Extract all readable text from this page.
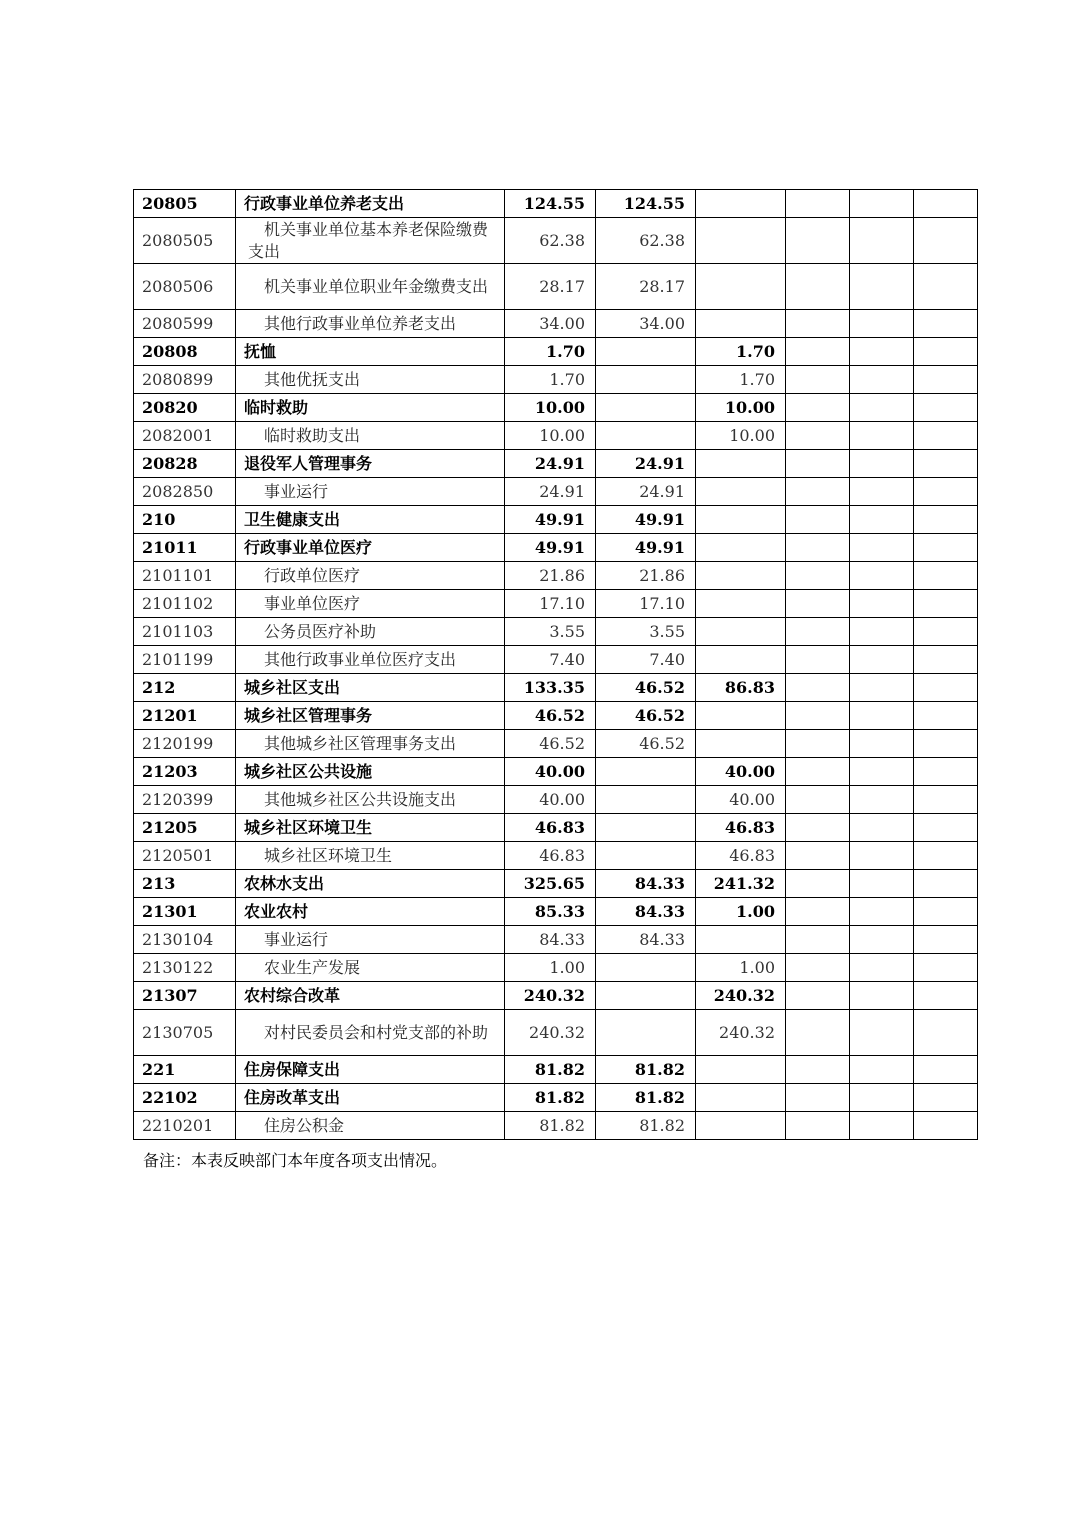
20805	行政事业单位养老支出	124.55	124.55				
2080505	机关事业单位基本养老保险缴费支出	62.38	62.38				
2080506	机关事业单位职业年金缴费支出	28.17	28.17				
2080599	其他行政事业单位养老支出	34.00	34.00				
20808	抚恤	1.70		1.70			
2080899	其他优抚支出	1.70		1.70			
20820	临时救助	10.00		10.00			
2082001	临时救助支出	10.00		10.00			
20828	退役军人管理事务	24.91	24.91				
2082850	事业运行	24.91	24.91				
210	卫生健康支出	49.91	49.91				
21011	行政事业单位医疗	49.91	49.91				
2101101	行政单位医疗	21.86	21.86				
2101102	事业单位医疗	17.10	17.10				
2101103	公务员医疗补助	3.55	3.55				
2101199	其他行政事业单位医疗支出	7.40	7.40				
212	城乡社区支出	133.35	46.52	86.83			
21201	城乡社区管理事务	46.52	46.52				
2120199	其他城乡社区管理事务支出	46.52	46.52				
21203	城乡社区公共设施	40.00		40.00			
2120399	其他城乡社区公共设施支出	40.00		40.00			
21205	城乡社区环境卫生	46.83		46.83			
2120501	城乡社区环境卫生	46.83		46.83			
213	农林水支出	325.65	84.33	241.32			
21301	农业农村	85.33	84.33	1.00			
2130104	事业运行	84.33	84.33				
2130122	农业生产发展	1.00		1.00			
21307	农村综合改革	240.32		240.32			
2130705	对村民委员会和村党支部的补助	240.32		240.32			
221	住房保障支出	81.82	81.82				
22102	住房改革支出	81.82	81.82				
2210201	住房公积金	81.82	81.82				
备注：本表反映部门本年度各项支出情况。
